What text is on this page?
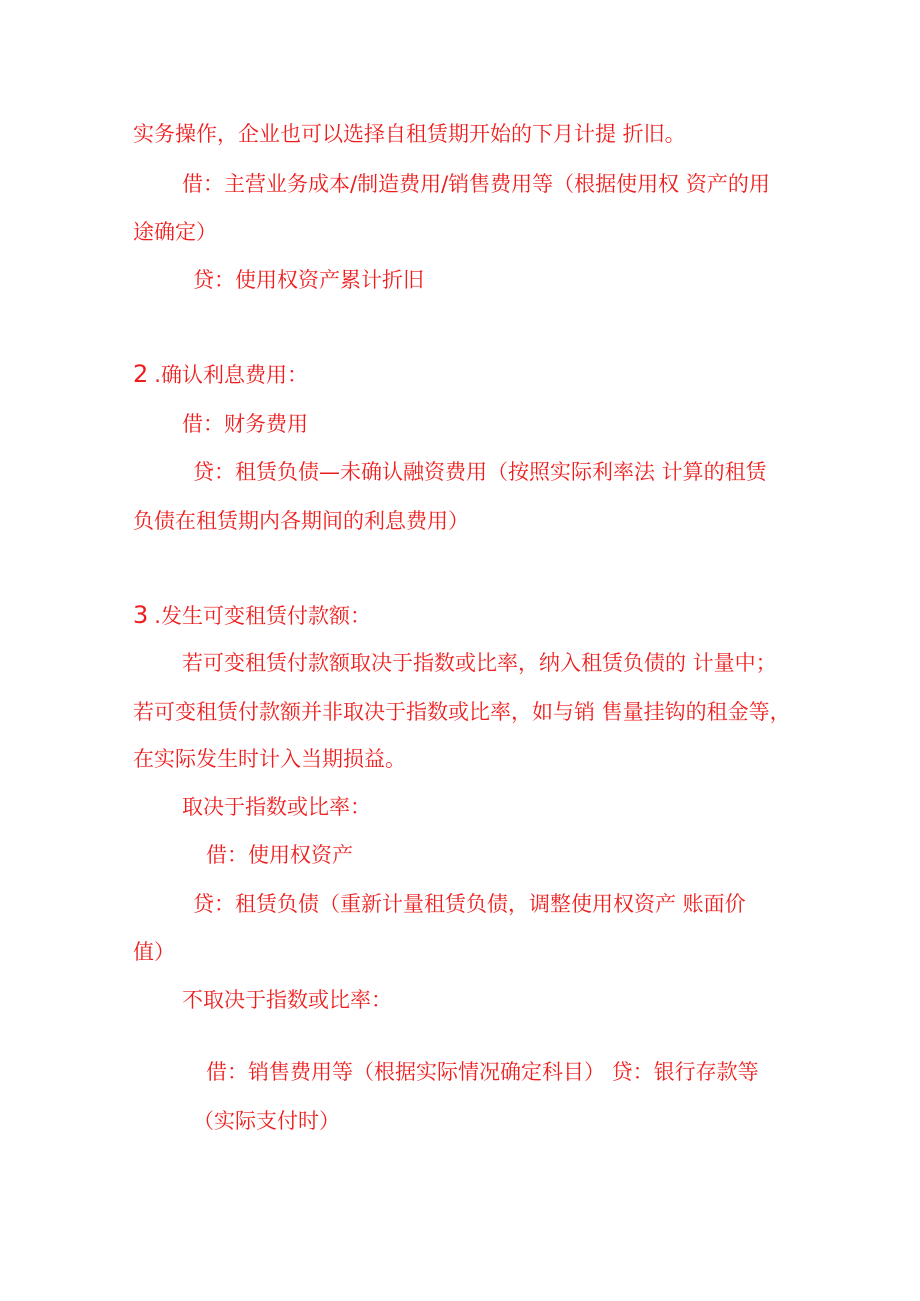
实务操作，企业也可以选择自租赁期开始的下月计提 折旧。

借：主营业务成本/制造费用/销售费用等（根据使用权 资产的用

途确定）

贷：使用权资产累计折旧

2 .确认利息费用：

借：财务费用

贷：租赁负债—未确认融资费用（按照实际利率法 计算的租赁

负债在租赁期内各期间的利息费用）

3 .发生可变租赁付款额：

若可变租赁付款额取决于指数或比率，纳入租赁负债的 计量中；

若可变租赁付款额并非取决于指数或比率，如与销 售量挂钩的租金等，

在实际发生时计入当期损益。

取决于指数或比率：

借：使用权资产

贷：租赁负债（重新计量租赁负债，调整使用权资产 账面价

值）

不取决于指数或比率：

借：销售费用等（根据实际情况确定科目） 贷：银行存款等

（实际支付时）
